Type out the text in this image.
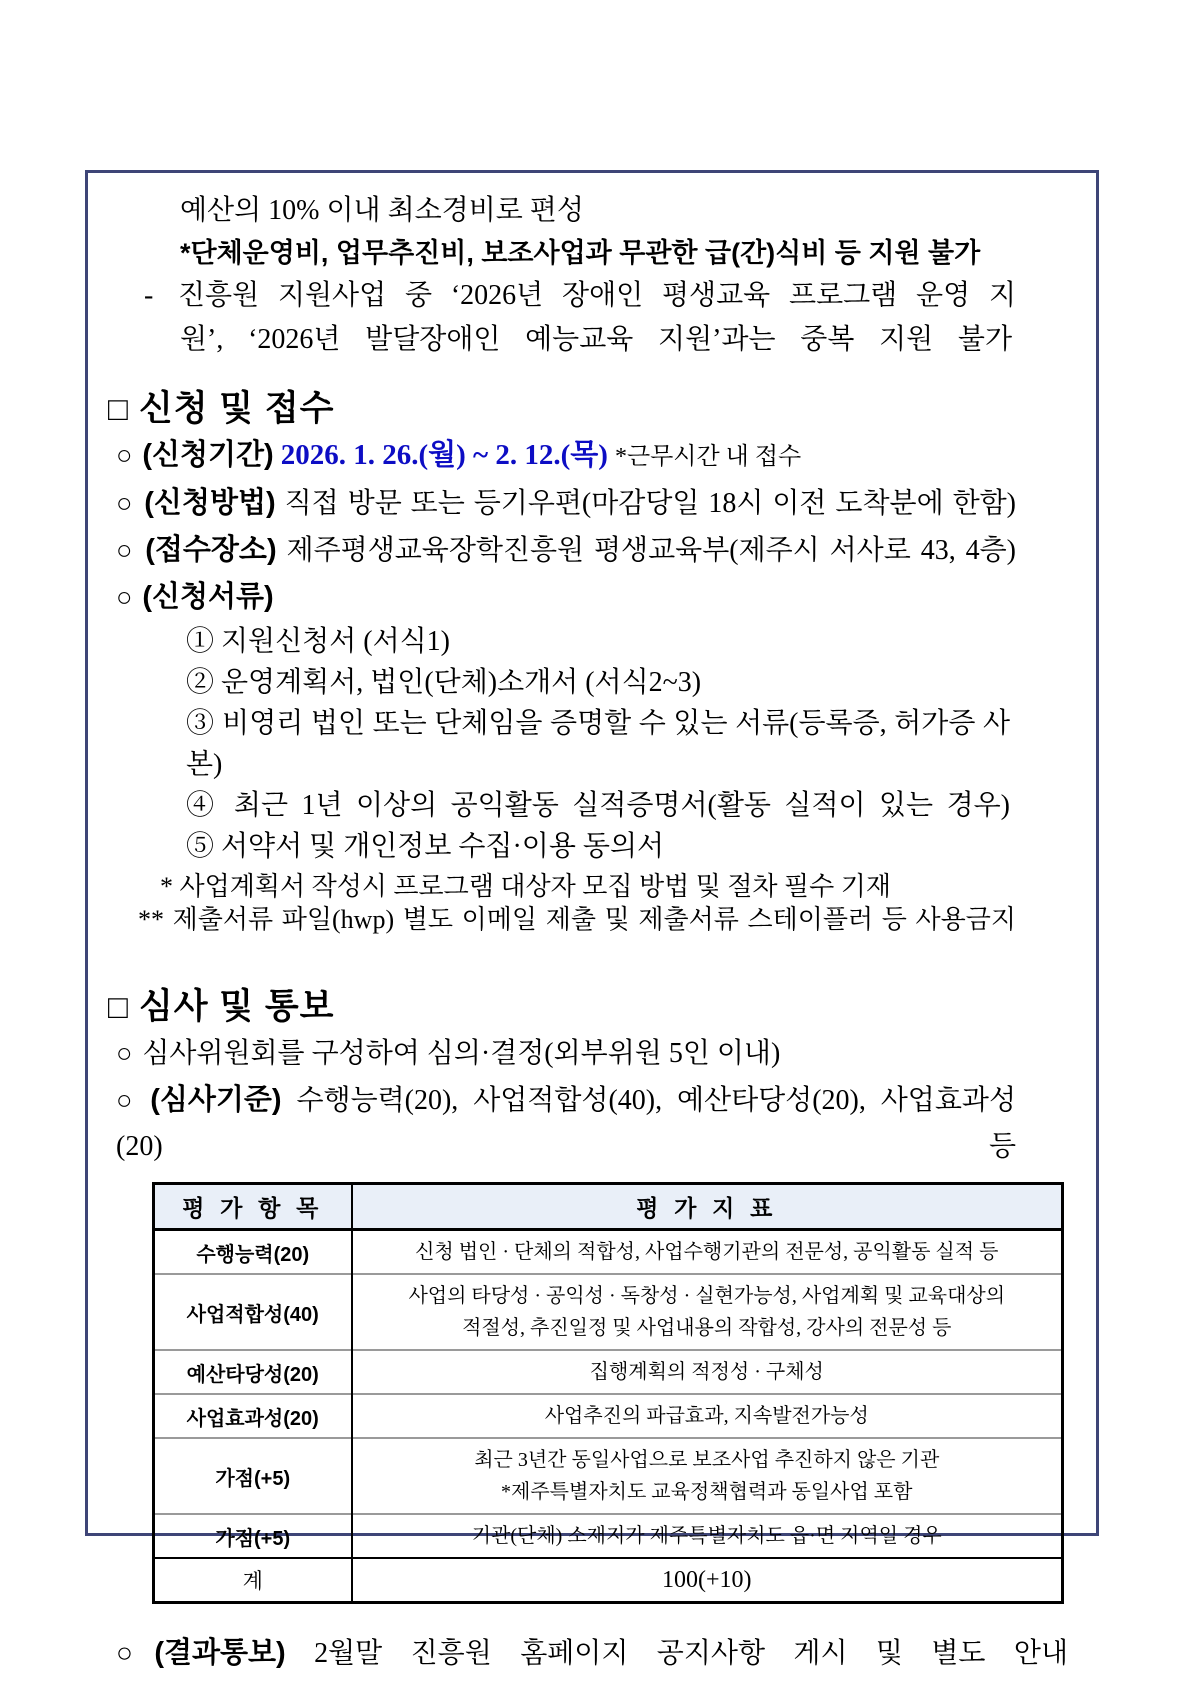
예산의 10% 이내 최소경비로 편성
*단체운영비, 업무추진비, 보조사업과 무관한 급(간)식비 등 지원 불가
- 진흥원 지원사업 중 ‘2026년 장애인 평생교육 프로그램 운영 지
원’, ‘2026년 발달장애인 예능교육 지원’과는 중복 지원 불가
□ 신청 및 접수
○ (신청기간) 2026. 1. 26.(월) ~ 2. 12.(목) *근무시간 내 접수
○ (신청방법) 직접 방문 또는 등기우편(마감당일 18시 이전 도착분에 한함)
○ (접수장소) 제주평생교육장학진흥원 평생교육부(제주시 서사로 43, 4층)
○ (신청서류)
① 지원신청서 (서식1)
② 운영계획서, 법인(단체)소개서 (서식2~3)
③ 비영리 법인 또는 단체임을 증명할 수 있는 서류(등록증, 허가증 사본)
④ 최근 1년 이상의 공익활동 실적증명서(활동 실적이 있는 경우)
⑤ 서약서 및 개인정보 수집·이용 동의서
* 사업계획서 작성시 프로그램 대상자 모집 방법 및 절차 필수 기재
** 제출서류 파일(hwp) 별도 이메일 제출 및 제출서류 스테이플러 등 사용금지
□ 심사 및 통보
○ 심사위원회를 구성하여 심의·결정(외부위원 5인 이내)
○ (심사기준) 수행능력(20), 사업적합성(40), 예산타당성(20), 사업효과성(20) 등
평 가 항 목	평 가 지 표
수행능력(20)	신청 법인 · 단체의 적합성, 사업수행기관의 전문성, 공익활동 실적 등

사업적합성(40)	사업의 타당성 · 공익성 · 독창성 · 실현가능성, 사업계획 및 교육대상의
적절성, 추진일정 및 사업내용의 작합성, 강사의 전문성 등

예산타당성(20)	집행계획의 적정성 · 구체성

사업효과성(20)	사업추진의 파급효과, 지속발전가능성

가점(+5)	최근 3년간 동일사업으로 보조사업 추진하지 않은 기관
*제주특별자치도 교육정책협력과 동일사업 포함

가점(+5)	기관(단체) 소재지가 제주특별자치도 읍·면 지역일 경우

계	100(+10)
○(결과통보) 2월말 진흥원 홈페이지 공지사항 게시 및 별도 안내
